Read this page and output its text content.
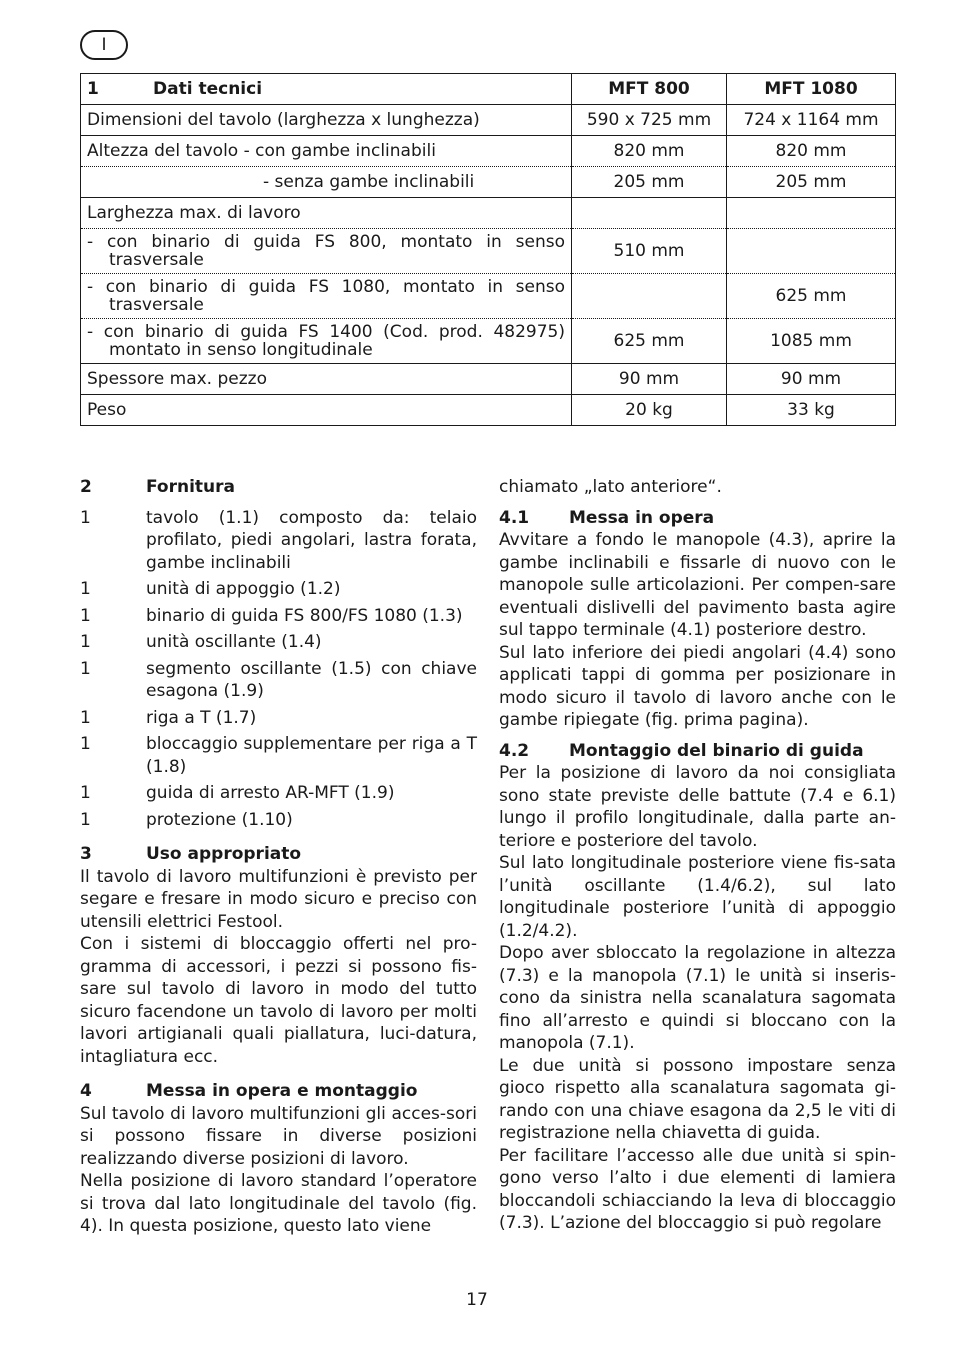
I
1 Dati tecnici	MFT 800	MFT 1080
Dimensioni del tavolo (larghezza x lunghezza)	590 x 725 mm	724 x 1164 mm
Altezza del tavolo - con gambe inclinabili	820 mm	820 mm
- senza gambe inclinabili	205 mm	205 mm
Larghezza max. di lavoro		

- con binario di guida FS 800, montato in senso
trasversale	510 mm	

- con binario di guida FS 1080, montato in senso
trasversale		625 mm

- con binario di guida FS 1400 (Cod. prod. 482975)
montato in senso longitudinale	625 mm	1085 mm
Spessore max. pezzo	90 mm	90 mm
Peso	20 kg	33 kg
2	Fornitura
1	tavolo (1.1) composto da: telaio profilato, piedi angolari, lastra forata, gambe inclinabili
1	unità di appoggio (1.2)
1	binario di guida FS 800/FS 1080 (1.3)
1	unità oscillante (1.4)
1	segmento oscillante (1.5) con chiave esagona (1.9)
1	riga a T (1.7)
1	bloccaggio supplementare per riga a T (1.8)
1	guida di arresto AR-MFT (1.9)
1	protezione (1.10)
3	Uso appropriato

Il tavolo di lavoro multifunzioni è previsto per segare e fresare in modo sicuro e preciso con utensili elettrici Festool.

Con i sistemi di bloccaggio offerti nel pro-gramma di accessori, i pezzi si possono fis-sare sul tavolo di lavoro in modo del tutto sicuro facendone un tavolo di lavoro per molti lavori artigianali quali piallatura, luci-datura, intagliatura ecc.

4	Messa in opera e montaggio

Sul tavolo di lavoro multifunzioni gli acces-sori si possono fissare in diverse posizioni realizzando diverse posizioni di lavoro.

Nella posizione di lavoro standard l’operatore si trova dal lato longitudinale del tavolo (fig. 4). In questa posizione, questo lato viene

chiamato „lato anteriore“.

4.1	Messa in opera

Avvitare a fondo le manopole (4.3), aprire la gambe inclinabili e fissarle di nuovo con le manopole sulle articolazioni. Per compen-sare eventuali dislivelli del pavimento basta agire sul tappo terminale (4.1) posteriore destro.

Sul lato inferiore dei piedi angolari (4.4) sono applicati tappi di gomma per posizionare in modo sicuro il tavolo di lavoro anche con le gambe ripiegate (fig. prima pagina).

4.2	Montaggio del binario di guida

Per la posizione di lavoro da noi consigliata sono state previste delle battute (7.4 e 6.1) lungo il profilo longitudinale, dalla parte an-teriore e posteriore del tavolo.

Sul lato longitudinale posteriore viene fis-sata l’unità oscillante (1.4/6.2), sul lato longitudinale posteriore l’unità di appoggio (1.2/4.2).

Dopo aver sbloccato la regolazione in altezza (7.3) e la manopola (7.1) le unità si inseris-cono da sinistra nella scanalatura sagomata fino all’arresto e quindi si bloccano con la manopola (7.1).

Le due unità si possono impostare senza gioco rispetto alla scanalatura sagomata gi-rando con una chiave esagona da 2,5 le viti di registrazione nella chiavetta di guida.

Per facilitare l’accesso alle due unità si spin-gono verso l’alto i due elementi di lamiera bloccandoli schiacciando la leva di bloccaggio (7.3). L’azione del bloccaggio si può regolare

17
